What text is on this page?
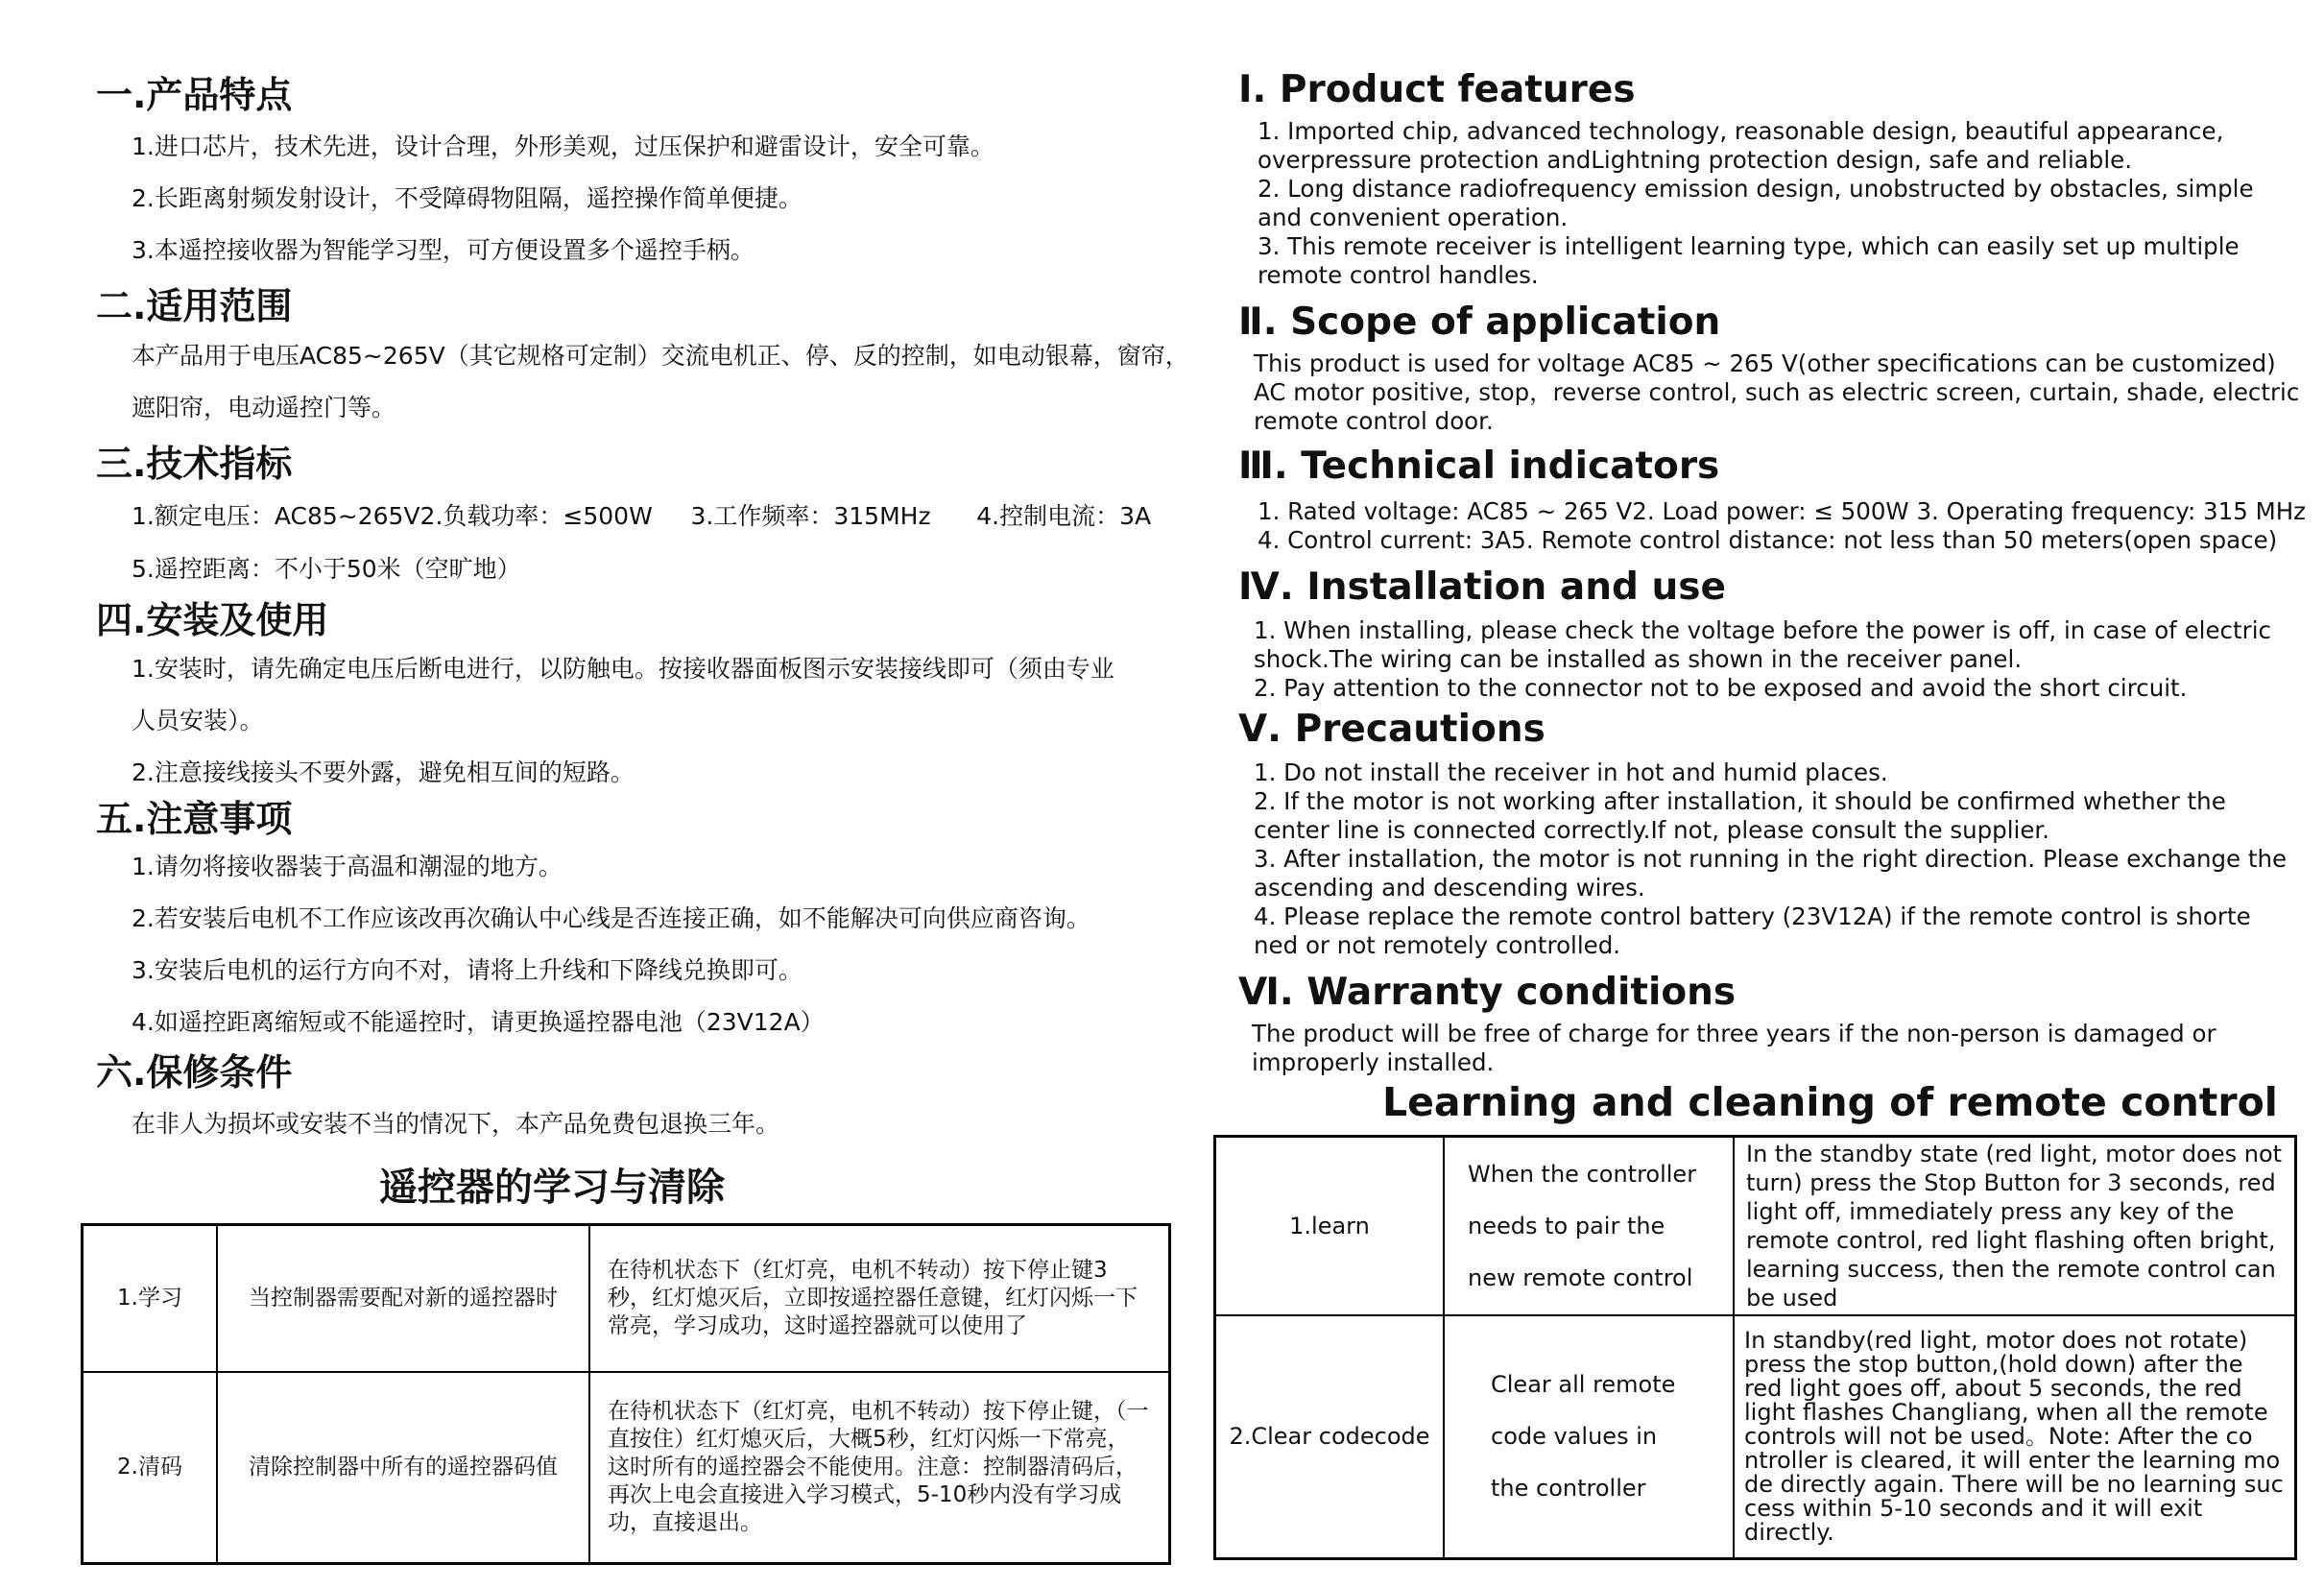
一.产品特点

1.进口芯片，技术先进，设计合理，外形美观，过压保护和避雷设计，安全可靠。

2.长距离射频发射设计，不受障碍物阻隔，遥控操作简单便捷。

3.本遥控接收器为智能学习型，可方便设置多个遥控手柄。

二.适用范围

本产品用于电压AC85~265V（其它规格可定制）交流电机正、停、反的控制，如电动银幕，窗帘，

遮阳帘，电动遥控门等。

三.技术指标

1.额定电压：AC85~265V2.负载功率：≤500W     3.工作频率：315MHz      4.控制电流：3A

5.遥控距离：不小于50米（空旷地）

四.安装及使用

1.安装时，请先确定电压后断电进行，以防触电。按接收器面板图示安装接线即可（须由专业

人员安装）。

2.注意接线接头不要外露，避免相互间的短路。

五.注意事项

1.请勿将接收器装于高温和潮湿的地方。

2.若安装后电机不工作应该改再次确认中心线是否连接正确，如不能解决可向供应商咨询。

3.安装后电机的运行方向不对，请将上升线和下降线兑换即可。

4.如遥控距离缩短或不能遥控时，请更换遥控器电池（23V12A）

六.保修条件

在非人为损坏或安装不当的情况下，本产品免费包退换三年。

遥控器的学习与清除
1.学习	当控制器需要配对新的遥控器时	在待机状态下（红灯亮，电机不转动）按下停止键3秒，红灯熄灭后，立即按遥控器任意键，红灯闪烁一下常亮，学习成功，这时遥控器就可以使用了

2.清码	清除控制器中所有的遥控器码值	在待机状态下（红灯亮，电机不转动）按下停止键，（一直按住）红灯熄灭后，大概5秒，红灯闪烁一下常亮，这时所有的遥控器会不能使用。注意：控制器清码后，再次上电会直接进入学习模式，5-10秒内没有学习成功，直接退出。
Ⅰ. Product features

1. Imported chip, advanced technology, reasonable design, beautiful appearance, overpressure protection andLightning protection design, safe and reliable.

2. Long distance radiofrequency emission design, unobstructed by obstacles, simple and convenient operation.

3. This remote receiver is intelligent learning type, which can easily set up multiple remote control handles.

Ⅱ. Scope of application

This product is used for voltage AC85 ~ 265 V(other specifications can be customized) AC motor positive, stop，reverse control, such as electric screen, curtain, shade, electric remote control door.

Ⅲ. Technical indicators

1. Rated voltage: AC85 ~ 265 V2. Load power: ≤ 500W 3. Operating frequency: 315 MHz

4. Control current: 3A5. Remote control distance: not less than 50 meters(open space)

Ⅳ. Installation and use

1. When installing, please check the voltage before the power is off, in case of electric shock.The wiring can be installed as shown in the receiver panel.

2. Pay attention to the connector not to be exposed and avoid the short circuit.

Ⅴ. Precautions

1. Do not install the receiver in hot and humid places.

2. If the motor is not working after installation, it should be confirmed whether the center line is connected correctly.If not, please consult the supplier.

3. After installation, the motor is not running in the right direction. Please exchange the ascending and descending wires.

4. Please replace the remote control battery (23V12A) if the remote control is shorte ned or not remotely controlled.

Ⅵ. Warranty conditions

The product will be free of charge for three years if the non-person is damaged or improperly installed.

Learning and cleaning of remote control
1.learn	When the controller needs to pair the new remote control	In the standby state (red light, motor does not turn) press the Stop Button for 3 seconds, red light off, immediately press any key of the remote control, red light flashing often bright, learning success, then the remote control can be used

2.Clear codecode	Clear all remote code values in the controller	In standby(red light, motor does not rotate) press the stop button,(hold down) after the red light goes off, about 5 seconds, the red light flashes Changliang, when all the remote controls will not be used。Note: After the co ntroller is cleared, it will enter the learning mo de directly again. There will be no learning suc cess within 5-10 seconds and it will exit directly.
